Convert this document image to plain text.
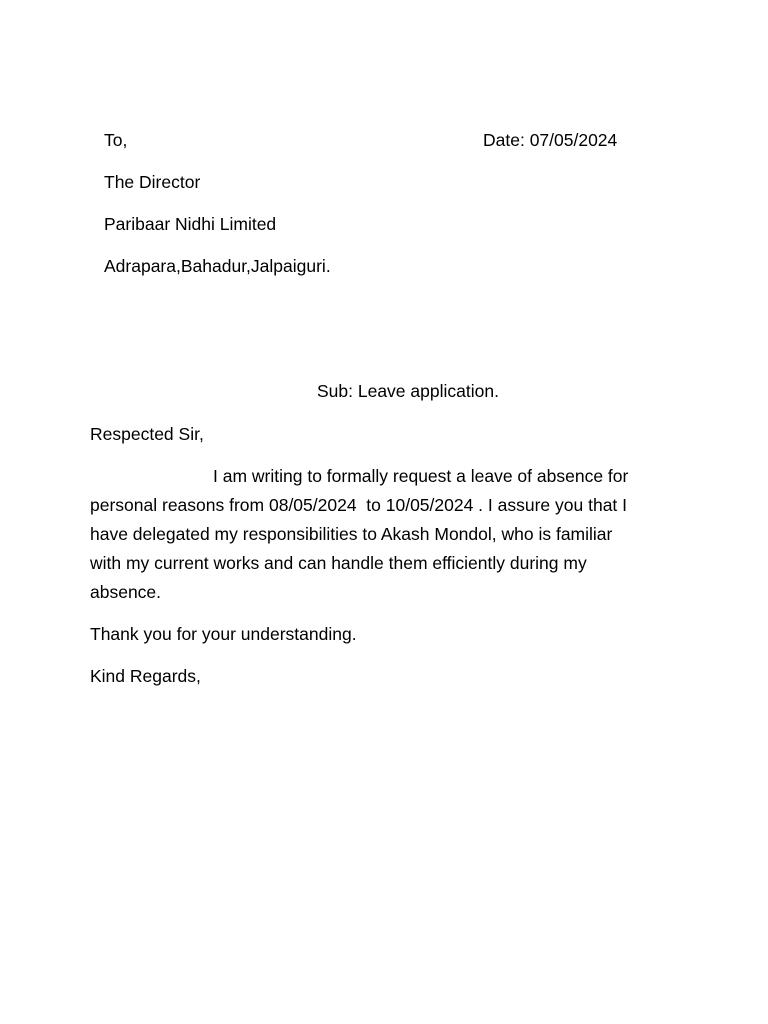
To,	Date: 07/05/2024
The Director
Paribaar Nidhi Limited
Adrapara,Bahadur,Jalpaiguri.
Sub: Leave application.
Respected Sir,
I am writing to formally request a leave of absence for
personal reasons from 08/05/2024  to 10/05/2024 . I assure you that I
have delegated my responsibilities to Akash Mondol, who is familiar
with my current works and can handle them efficiently during my
absence.
Thank you for your understanding.
Kind Regards,
